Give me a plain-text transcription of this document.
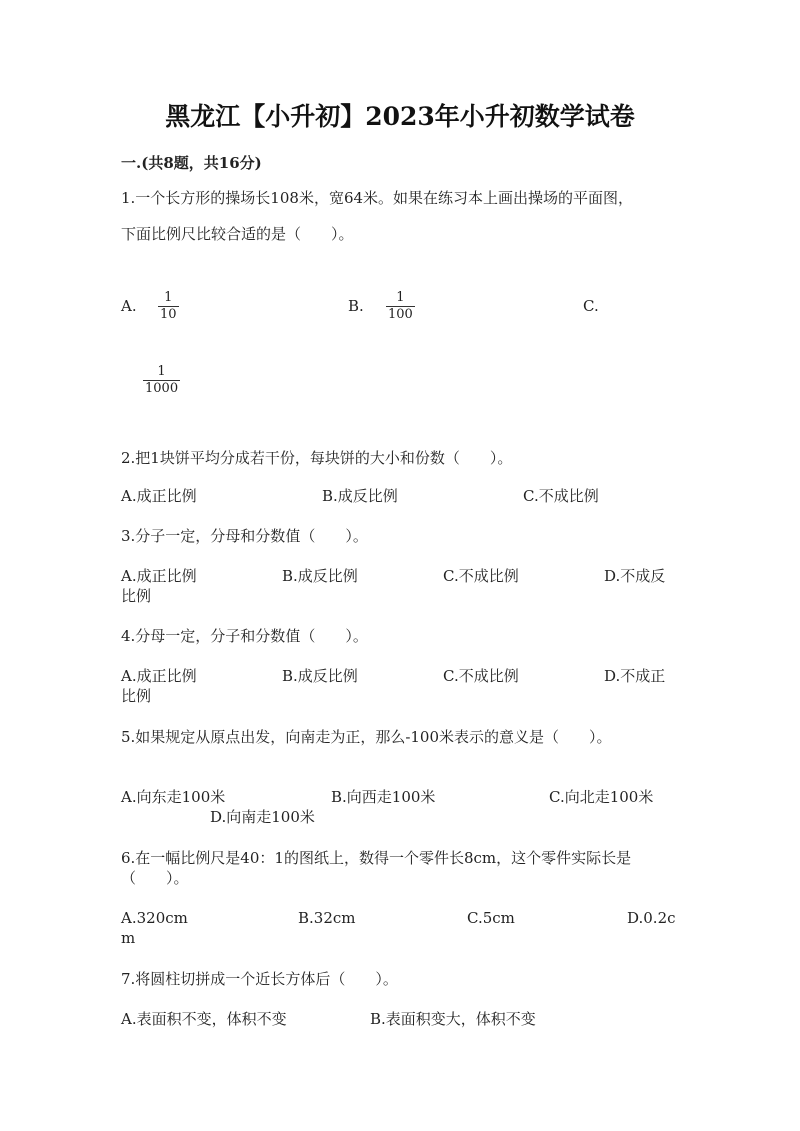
黑龙江【小升初】2023年小升初数学试卷
一.(共8题，共16分)
1.一个长方形的操场长108米，宽64米。如果在练习本上画出操场的平面图，
下面比例尺比较合适的是（　　）。
A. 1
10	B. 1
100	C.
1
1000
2.把1块饼平均分成若干份，每块饼的大小和份数（　　）。
A.成正比例	B.成反比例	C.不成比例
3.分子一定，分母和分数值（　　）。
A.成正比例	B.成反比例	C.不成比例	D.不成反
比例
4.分母一定，分子和分数值（　　）。
A.成正比例	B.成反比例	C.不成比例	D.不成正
比例
5.如果规定从原点出发，向南走为正，那么-100米表示的意义是（　　）。
A.向东走100米	B.向西走100米	C.向北走100米
D.向南走100米
6.在一幅比例尺是40：1的图纸上，数得一个零件长8cm，这个零件实际长是
（　　）。
A.320cm	B.32cm	C.5cm	D.0.2c
m
7.将圆柱切拼成一个近长方体后（　　）。
A.表面积不变，体积不变	B.表面积变大，体积不变
